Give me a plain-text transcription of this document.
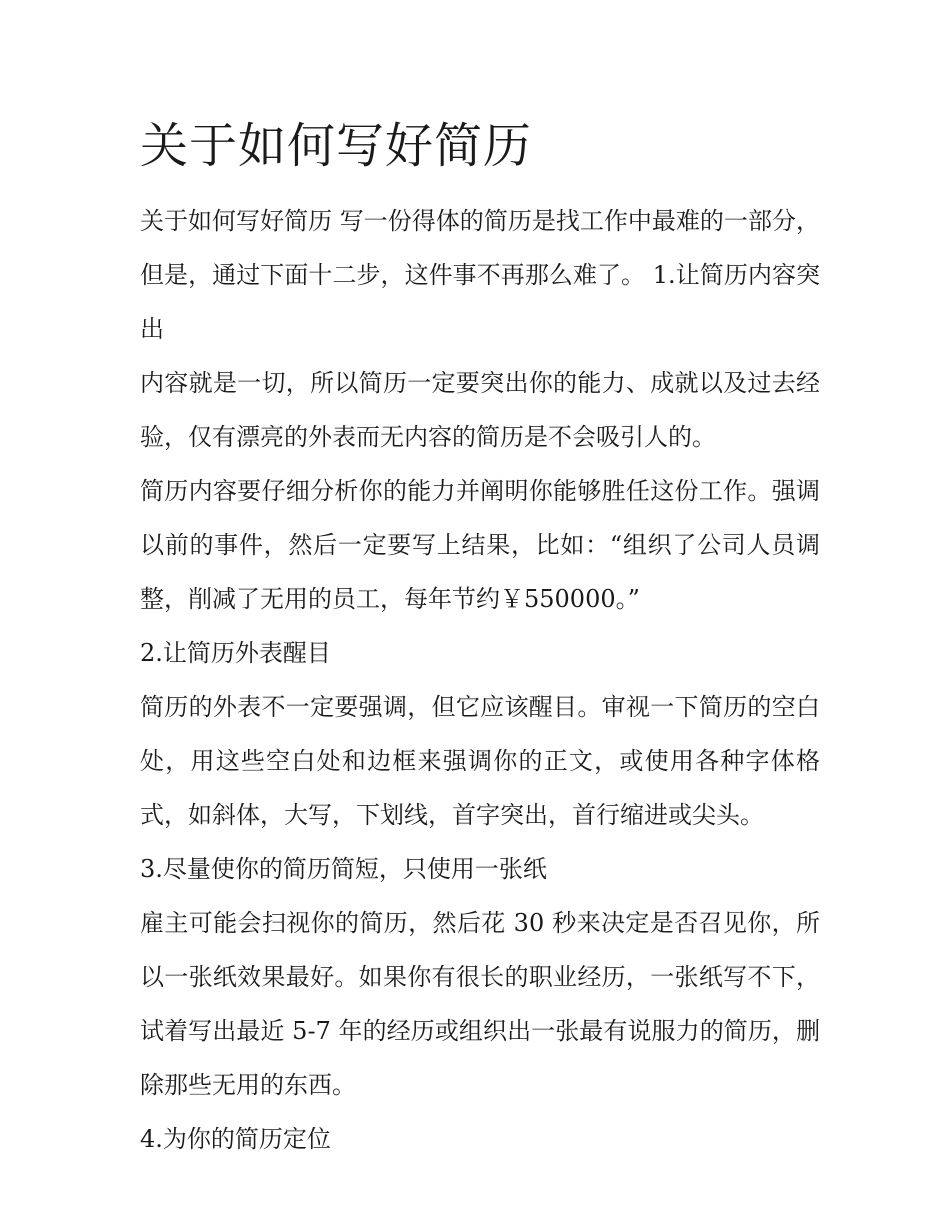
关于如何写好简历

关于如何写好简历 写一份得体的简历是找工作中最难的一部分，但是，通过下面十二步，这件事不再那么难了。 1.让简历内容突出

内容就是一切，所以简历一定要突出你的能力、成就以及过去经验，仅有漂亮的外表而无内容的简历是不会吸引人的。

简历内容要仔细分析你的能力并阐明你能够胜任这份工作。强调以前的事件，然后一定要写上结果，比如：“组织了公司人员调整，削减了无用的员工，每年节约￥550000。”

2.让简历外表醒目

简历的外表不一定要强调，但它应该醒目。审视一下简历的空白处，用这些空白处和边框来强调你的正文，或使用各种字体格式，如斜体，大写，下划线，首字突出，首行缩进或尖头。

3.尽量使你的简历简短，只使用一张纸

雇主可能会扫视你的简历，然后花 30 秒来决定是否召见你，所以一张纸效果最好。如果你有很长的职业经历，一张纸写不下，试着写出最近 5-7 年的经历或组织出一张最有说服力的简历，删除那些无用的东西。

4.为你的简历定位
